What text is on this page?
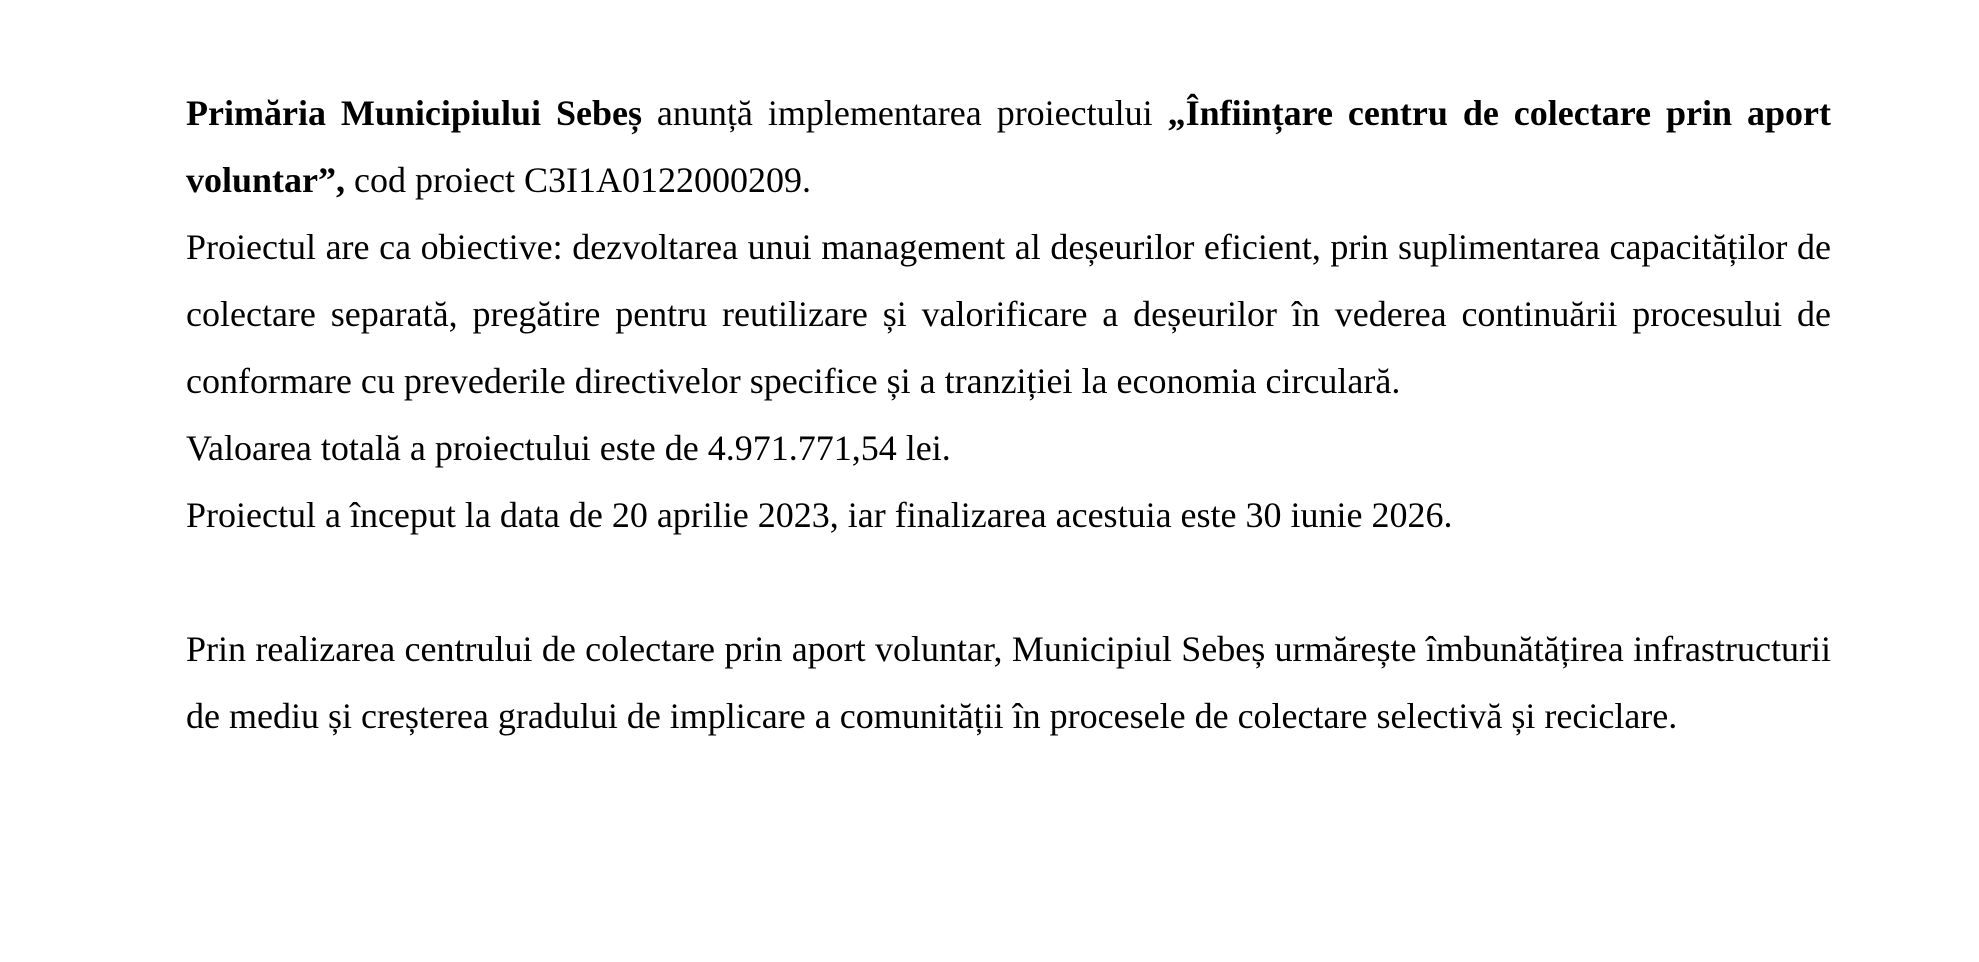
Primăria Municipiului Sebeș anunță implementarea proiectului „Înființare centru de colectare prin aport voluntar”, cod proiect C3I1A0122000209.

Proiectul are ca obiective: dezvoltarea unui management al deșeurilor eficient, prin suplimentarea capacităților de colectare separată, pregătire pentru reutilizare și valorificare a deșeurilor în vederea continuării procesului de conformare cu prevederile directivelor specifice și a tranziției la economia circulară.

Valoarea totală a proiectului este de 4.971.771,54 lei.

Proiectul a început la data de 20 aprilie 2023, iar finalizarea acestuia este 30 iunie 2026.

Prin realizarea centrului de colectare prin aport voluntar, Municipiul Sebeș urmărește îmbunătățirea infrastructurii de mediu și creșterea gradului de implicare a comunității în procesele de colectare selectivă și reciclare.
